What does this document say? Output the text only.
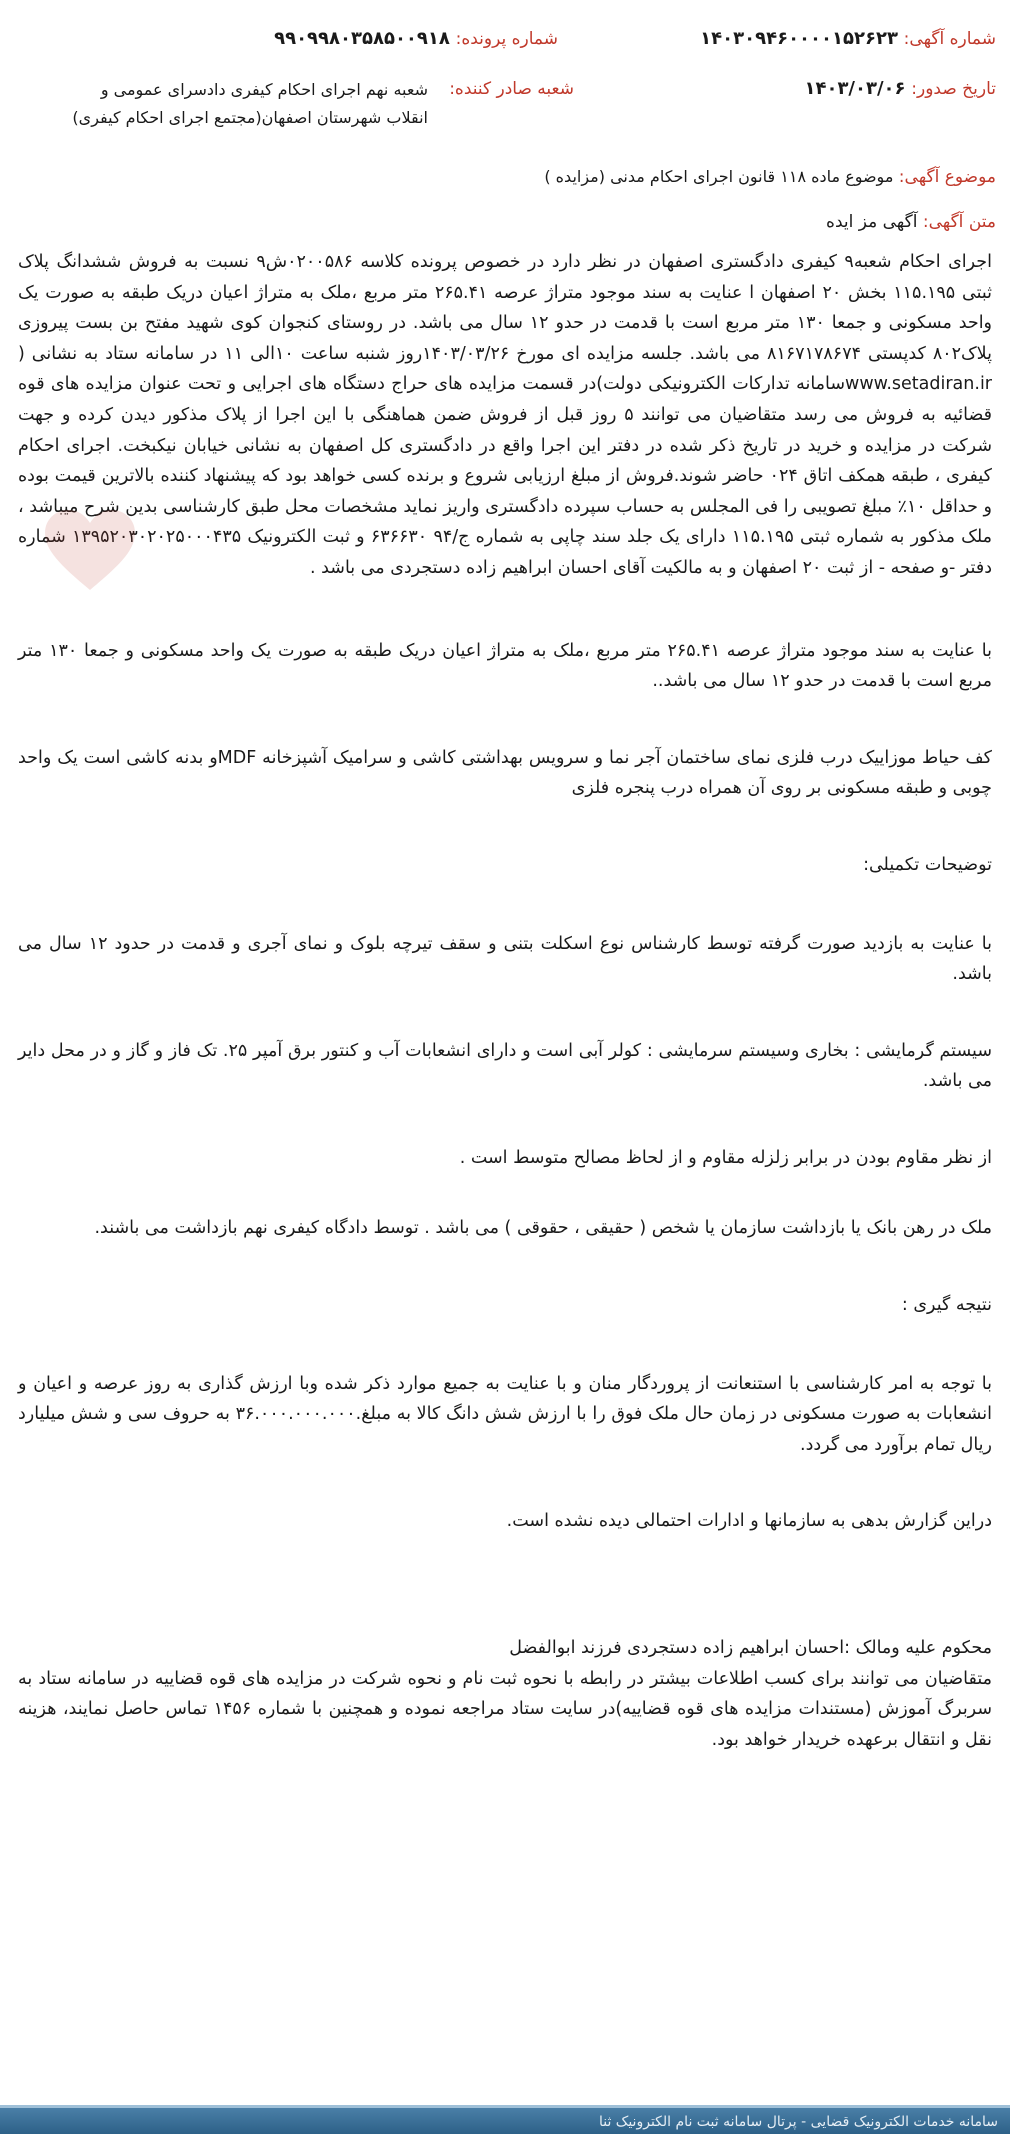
شماره آگهی: ۱۴۰۳۰۹۴۶۰۰۰۰۱۵۲۶۲۳
شماره پرونده: ۹۹۰۹۹۸۰۳۵۸۵۰۰۹۱۸
تاریخ صدور: ۱۴۰۳/۰۳/۰۶
شعبه صادر کننده:
شعبه نهم اجرای احکام کیفری دادسرای عمومی و انقلاب شهرستان اصفهان(مجتمع اجرای احکام کیفری)
موضوع آگهی: موضوع ماده ۱۱۸ قانون اجرای احکام مدنی (مزایده )
متن آگهی: آگهی مز ایده

اجرای احکام شعبه۹ کیفری دادگستری اصفهان در نظر دارد در خصوص پرونده کلاسه ۰۲۰۰۵۸۶ش۹ نسبت به فروش ششدانگ پلاک ثبتی ۱۱۵.۱۹۵ بخش ۲۰ اصفهان ا عنایت به سند موجود متراژ عرصه ۲۶۵.۴۱ متر مربع ،ملک به متراژ اعیان دریک طبقه به صورت یک واحد مسکونی و جمعا ۱۳۰ متر مربع است با قدمت در حدو ۱۲ سال می باشد. در روستای کنجوان کوی شهید مفتح بن بست پیروزی پلاک۸۰۲ کدپستی ۸۱۶۷۱۷۸۶۷۴ می باشد. جلسه مزایده ای مورخ ۱۴۰۳/۰۳/۲۶روز شنبه ساعت ۱۰الی ۱۱ در سامانه ستاد به نشانی ( www.setadiran.irسامانه تدارکات الکترونیکی دولت)در قسمت مزایده های حراج دستگاه های اجرایی و تحت عنوان مزایده های قوه قضائیه به فروش می رسد متقاضیان می توانند ۵ روز قبل از فروش ضمن هماهنگی با این اجرا از پلاک مذکور دیدن کرده و جهت شرکت در مزایده و خرید در تاریخ ذکر شده در دفتر این اجرا واقع در دادگستری کل اصفهان به نشانی خیابان نیکبخت. اجرای احکام کیفری ، طبقه همکف اتاق ۰۲۴ حاضر شوند.فروش از مبلغ ارزیابی شروع و برنده کسی خواهد بود که پیشنهاد کننده بالاترین قیمت بوده و حداقل ۱۰٪ مبلغ تصویبی را فی المجلس به حساب سپرده دادگستری واریز نماید مشخصات محل طبق کارشناسی بدین شرح میباشد ، ملک مذکور به شماره ثبتی ۱۱۵.۱۹۵ دارای یک جلد سند چاپی به شماره ج/۹۴ ۶۳۶۶۳۰ و ثبت الکترونیک ۱۳۹۵۲۰۳۰۲۰۲۵۰۰۰۴۳۵ شماره دفتر -و صفحه - از ثبت ۲۰ اصفهان و به مالکیت آقای احسان ابراهیم زاده دستجردی می باشد .

با عنایت به سند موجود متراژ عرصه ۲۶۵.۴۱ متر مربع ،ملک به متراژ اعیان دریک طبقه به صورت یک واحد مسکونی و جمعا ۱۳۰ متر مربع است با قدمت در حدو ۱۲ سال می باشد..

کف حیاط موزاییک درب فلزی نمای ساختمان آجر نما و سرویس بهداشتی کاشی و سرامیک آشپزخانه MDFو بدنه کاشی است یک واحد چوبی و طبقه مسکونی بر روی آن همراه درب پنجره فلزی

توضیحات تکمیلی:

با عنایت به بازدید صورت گرفته توسط کارشناس نوع اسکلت بتنی و سقف تیرچه بلوک و نمای آجری و قدمت در حدود ۱۲ سال می باشد.

سیستم گرمایشی : بخاری وسیستم سرمایشی : کولر آبی است و دارای انشعابات آب و کنتور برق آمپر ۲۵. تک فاز و گاز و در محل دایر می باشد.

از نظر مقاوم بودن در برابر زلزله مقاوم و از لحاظ مصالح متوسط است .

ملک در رهن بانک یا بازداشت سازمان یا شخص ( حقیقی ، حقوقی ) می باشد . توسط دادگاه کیفری نهم بازداشت می باشند.

نتیجه گیری :

با توجه به امر کارشناسی با استنعانت از پروردگار منان و با عنایت به جمیع موارد ذکر شده وبا ارزش گذاری به روز عرصه و اعیان و انشعابات به صورت مسکونی در زمان حال ملک فوق را با ارزش شش دانگ کالا به مبلغ.۳۶.۰۰۰.۰۰۰.۰۰۰ به حروف سی و شش میلیارد ریال تمام برآورد می گردد.

دراین گزارش بدهی به سازمانها و ادارات احتمالی دیده نشده است.

محکوم علیه ومالک :احسان ابراهیم زاده دستجردی فرزند ابوالفضل

متقاضیان می توانند برای کسب اطلاعات بیشتر در رابطه با نحوه ثبت نام و نحوه شرکت در مزایده های قوه قضاییه در سامانه ستاد به سربرگ آموزش (مستندات مزایده های قوه قضاییه)در سایت ستاد مراجعه نموده و همچنین با شماره ۱۴۵۶ تماس حاصل نمایند، هزینه نقل و انتقال برعهده خریدار خواهد بود.

سامانه خدمات الکترونیک قضایی - پرتال سامانه ثبت نام الکترونیک ثنا
